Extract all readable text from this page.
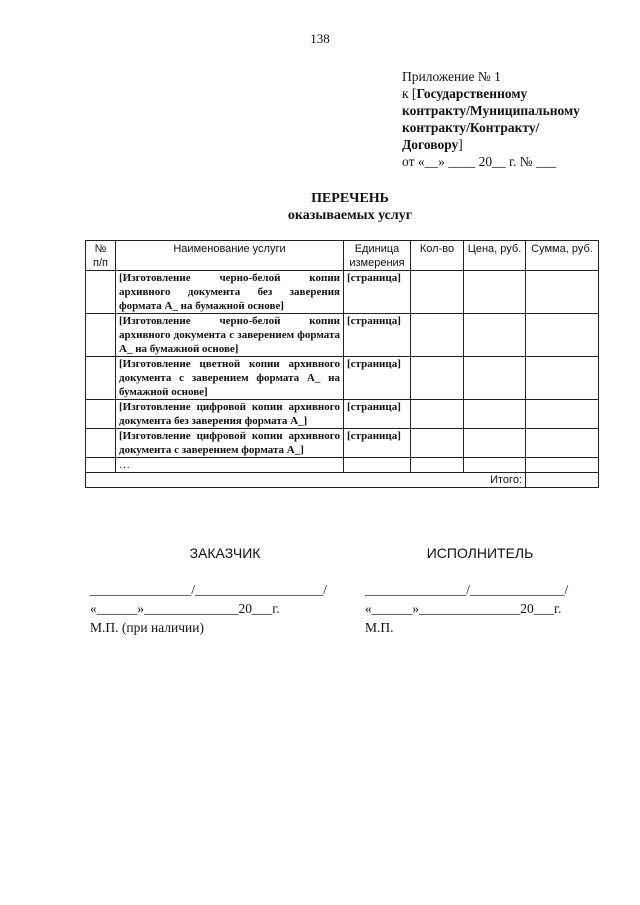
138
Приложение № 1
к [Государственному
контракту/Муниципальному
контракту/Контракту/
Договору]
от «__» ____ 20__ г. № ___
ПЕРЕЧЕНЬ
оказываемых услуг
№ п/п	Наименование услуги	Единица измерения	Кол-во	Цена, руб.	Сумма, руб.
	[Изготовление черно-белой копии архивного документа без заверения формата А_ на бумажной основе]	[страница]			
	[Изготовление черно-белой копии архивного документа с заверением формата А_ на бумажной основе]	[страница]			
	[Изготовление цветной копии архивного документа с заверением формата А_ на бумажной основе]	[страница]			
	[Изготовление цифровой копии архивного документа без заверения формата А_]	[страница]			
	[Изготовление цифровой копии архивного документа с заверением формата А_]	[страница]			
	…				
Итого:					
ЗАКАЗЧИК	ИСПОЛНИТЕЛЬ
_______________/___________________/
«______»______________20___г.
М.П. (при наличии)
_______________/______________/
«______»_______________20___г.
М.П.
